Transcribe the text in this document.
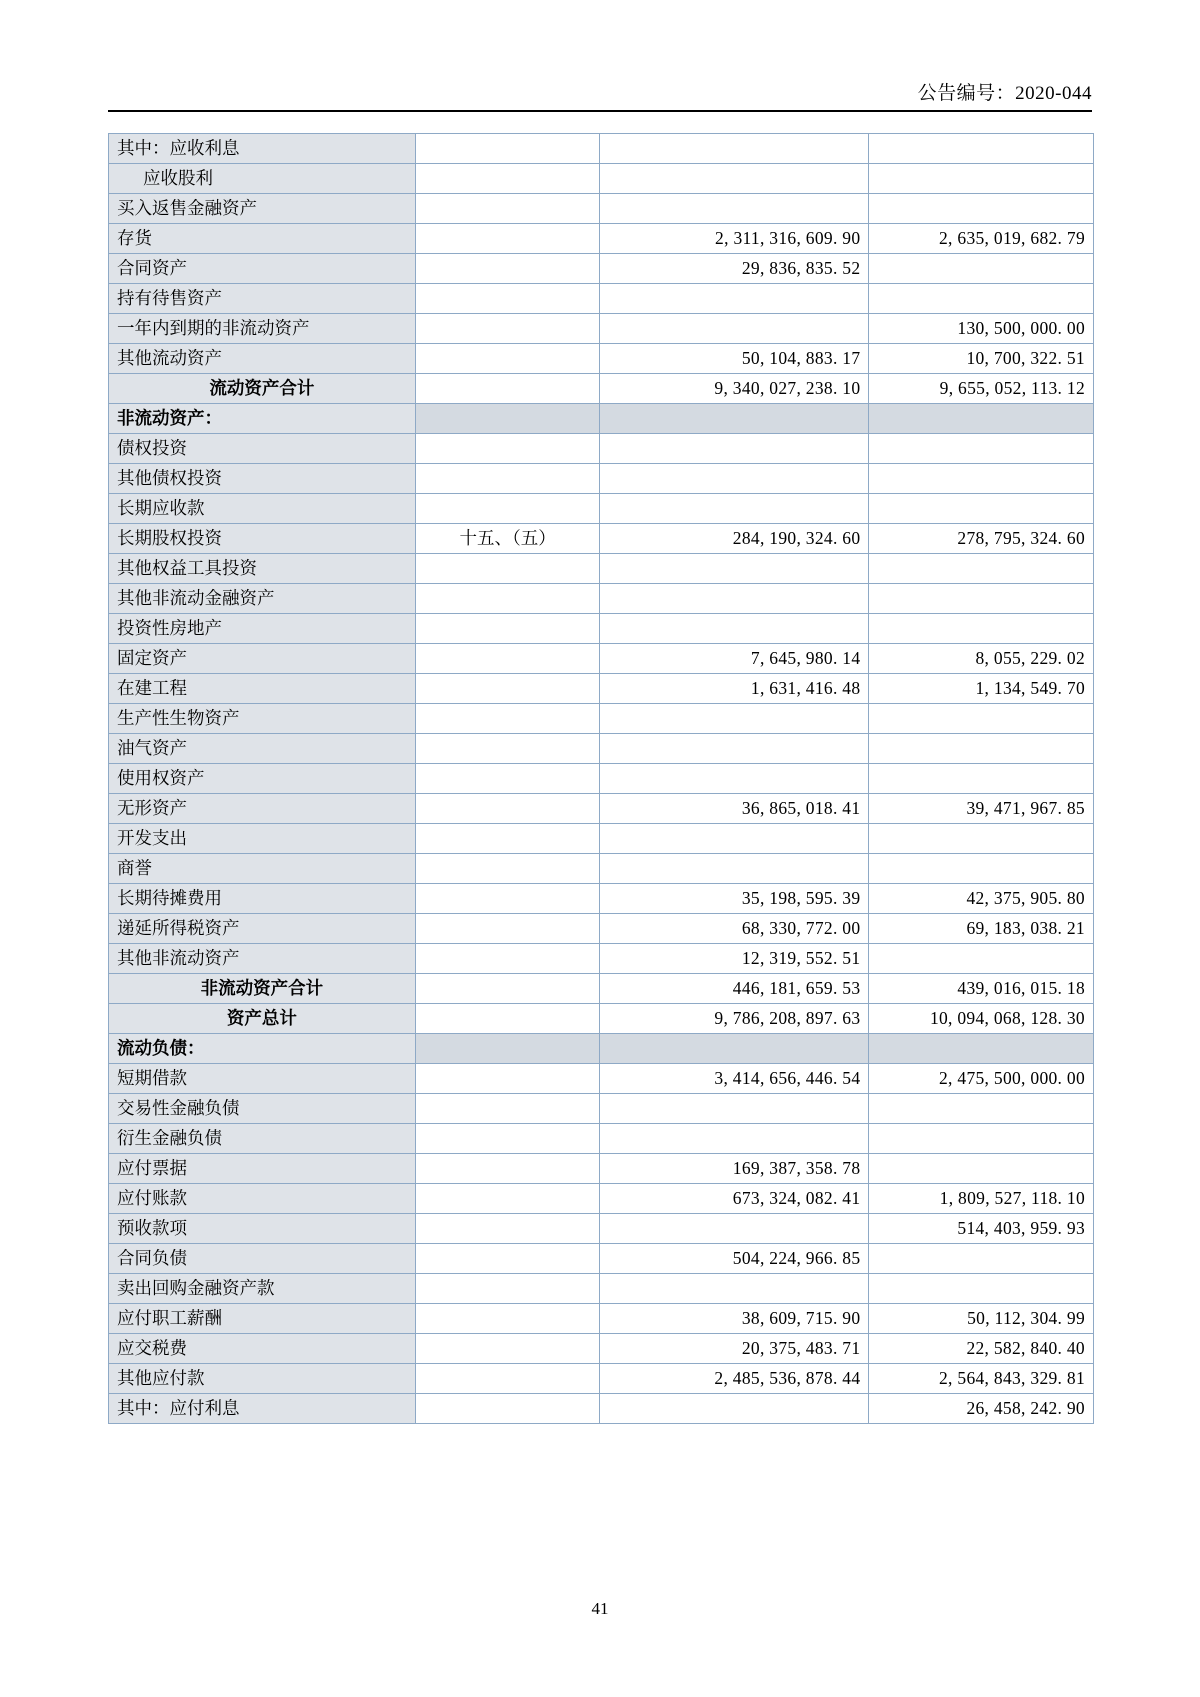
公告编号：2020-044
其中：应收利息			
应收股利			
买入返售金融资产			
存货		2, 311, 316, 609. 90	2, 635, 019, 682. 79
合同资产		29, 836, 835. 52	
持有待售资产			
一年内到期的非流动资产			130, 500, 000. 00
其他流动资产		50, 104, 883. 17	10, 700, 322. 51
流动资产合计		9, 340, 027, 238. 10	9, 655, 052, 113. 12
非流动资产：			
债权投资			
其他债权投资			
长期应收款			
长期股权投资	十五、（五）	284, 190, 324. 60	278, 795, 324. 60
其他权益工具投资			
其他非流动金融资产			
投资性房地产			
固定资产		7, 645, 980. 14	8, 055, 229. 02
在建工程		1, 631, 416. 48	1, 134, 549. 70
生产性生物资产			
油气资产			
使用权资产			
无形资产		36, 865, 018. 41	39, 471, 967. 85
开发支出			
商誉			
长期待摊费用		35, 198, 595. 39	42, 375, 905. 80
递延所得税资产		68, 330, 772. 00	69, 183, 038. 21
其他非流动资产		12, 319, 552. 51	
非流动资产合计		446, 181, 659. 53	439, 016, 015. 18
资产总计		9, 786, 208, 897. 63	10, 094, 068, 128. 30
流动负债：			
短期借款		3, 414, 656, 446. 54	2, 475, 500, 000. 00
交易性金融负债			
衍生金融负债			
应付票据		169, 387, 358. 78	
应付账款		673, 324, 082. 41	1, 809, 527, 118. 10
预收款项			514, 403, 959. 93
合同负债		504, 224, 966. 85	
卖出回购金融资产款			
应付职工薪酬		38, 609, 715. 90	50, 112, 304. 99
应交税费		20, 375, 483. 71	22, 582, 840. 40
其他应付款		2, 485, 536, 878. 44	2, 564, 843, 329. 81
其中：应付利息			26, 458, 242. 90
41
